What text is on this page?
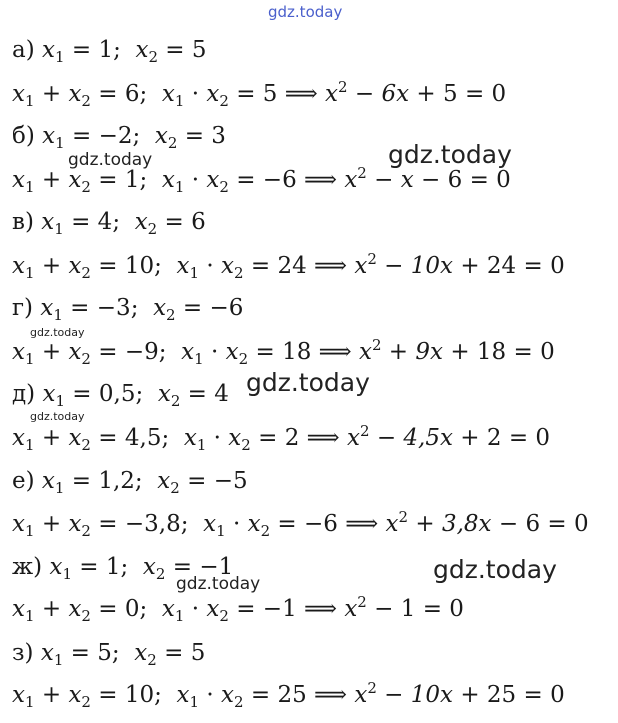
gdz.today
gdz.today	gdz.today
gdz.today
gdz.today
gdz.today
gdz.today
gdz.today
а) $x_1 = 1$;  $x_2 = 5$
$x_1 + x_2 = 6$;  $x_1 \cdot x_2 = 5$ ⟹ $x^2 - 6x + 5 = 0$
б) $x_1 = -2$;  $x_2 = 3$
$x_1 + x_2 = 1$;  $x_1 \cdot x_2 = -6$ ⟹ $x^2 - x - 6 = 0$
в) $x_1 = 4$;  $x_2 = 6$
$x_1 + x_2 = 10$;  $x_1 \cdot x_2 = 24$ ⟹ $x^2 - 10x + 24 = 0$
г) $x_1 = -3$;  $x_2 = -6$
$x_1 + x_2 = -9$;  $x_1 \cdot x_2 = 18$ ⟹ $x^2 + 9x + 18 = 0$
д) $x_1 = 0,5$;  $x_2 = 4$
$x_1 + x_2 = 4,5$;  $x_1 \cdot x_2 = 2$ ⟹ $x^2 - 4,5x + 2 = 0$
е) $x_1 = 1,2$;  $x_2 = -5$
$x_1 + x_2 = -3,8$;  $x_1 \cdot x_2 = -6$ ⟹ $x^2 + 3,8x - 6 = 0$
ж) $x_1 = 1$;  $x_2 = -1$
$x_1 + x_2 = 0$;  $x_1 \cdot x_2 = -1$ ⟹ $x^2 - 1 = 0$
з) $x_1 = 5$;  $x_2 = 5$
$x_1 + x_2 = 10$;  $x_1 \cdot x_2 = 25$ ⟹ $x^2 - 10x + 25 = 0$
